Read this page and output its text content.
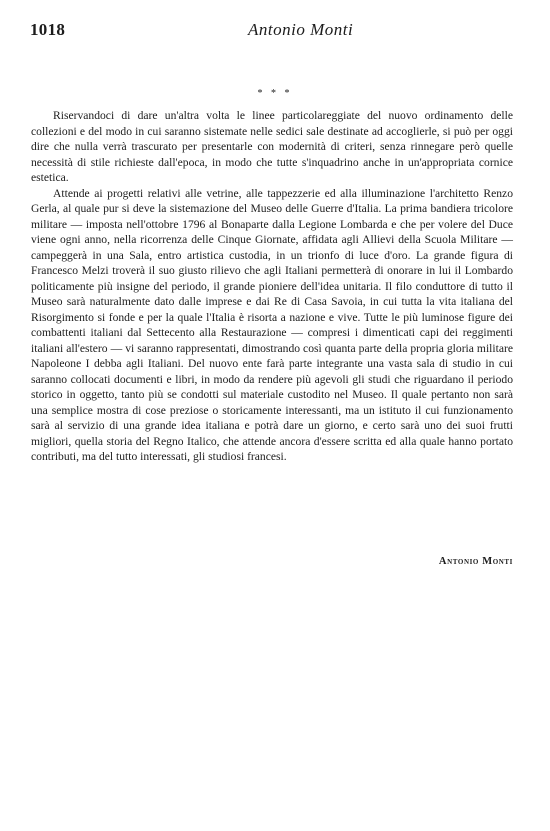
1018	Antonio Monti
* * *

Riservandoci di dare un'altra volta le linee particolareggiate del nuovo ordinamento delle collezioni e del modo in cui saranno sistemate nelle sedici sale destinate ad accoglierle, si può per oggi dire che nulla verrà trascurato per presentarle con modernità di criteri, senza rinnegare però quelle necessità di stile richieste dall'epoca, in modo che tutte s'inquadrino anche in un'appropriata cornice estetica.

Attende ai progetti relativi alle vetrine, alle tappezzerie ed alla illuminazione l'architetto Renzo Gerla, al quale pur si deve la sistemazione del Museo delle Guerre d'Italia. La prima bandiera tricolore militare — imposta nell'ottobre 1796 al Bonaparte dalla Legione Lombarda e che per volere del Duce viene ogni anno, nella ricorrenza delle Cinque Giornate, affidata agli Allievi della Scuola Militare — campeggerà in una Sala, entro artistica custodia, in un trionfo di luce d'oro. La grande figura di Francesco Melzi troverà il suo giusto rilievo che agli Italiani permetterà di onorare in lui il Lombardo politicamente più insigne del periodo, il grande pioniere dell'idea unitaria. Il filo conduttore di tutto il Museo sarà naturalmente dato dalle imprese e dai Re di Casa Savoia, in cui tutta la vita italiana del Risorgimento si fonde e per la quale l'Italia è risorta a nazione e vive. Tutte le più luminose figure dei combattenti italiani dal Settecento alla Restaurazione — compresi i dimenticati capi dei reggimenti italiani all'estero — vi saranno rappresentati, dimostrando così quanta parte della propria gloria militare Napoleone I debba agli Italiani. Del nuovo ente farà parte integrante una vasta sala di studio in cui saranno collocati documenti e libri, in modo da rendere più agevoli gli studi che riguardano il periodo storico in oggetto, tanto più se condotti sul materiale custodito nel Museo. Il quale pertanto non sarà una semplice mostra di cose preziose o storicamente interessanti, ma un istituto il cui funzionamento sarà al servizio di una grande idea italiana e potrà dare un giorno, e certo sarà uno dei suoi frutti migliori, quella storia del Regno Italico, che attende ancora d'essere scritta ed alla quale hanno portato contributi, ma del tutto interessati, gli studiosi francesi.

Antonio Monti
